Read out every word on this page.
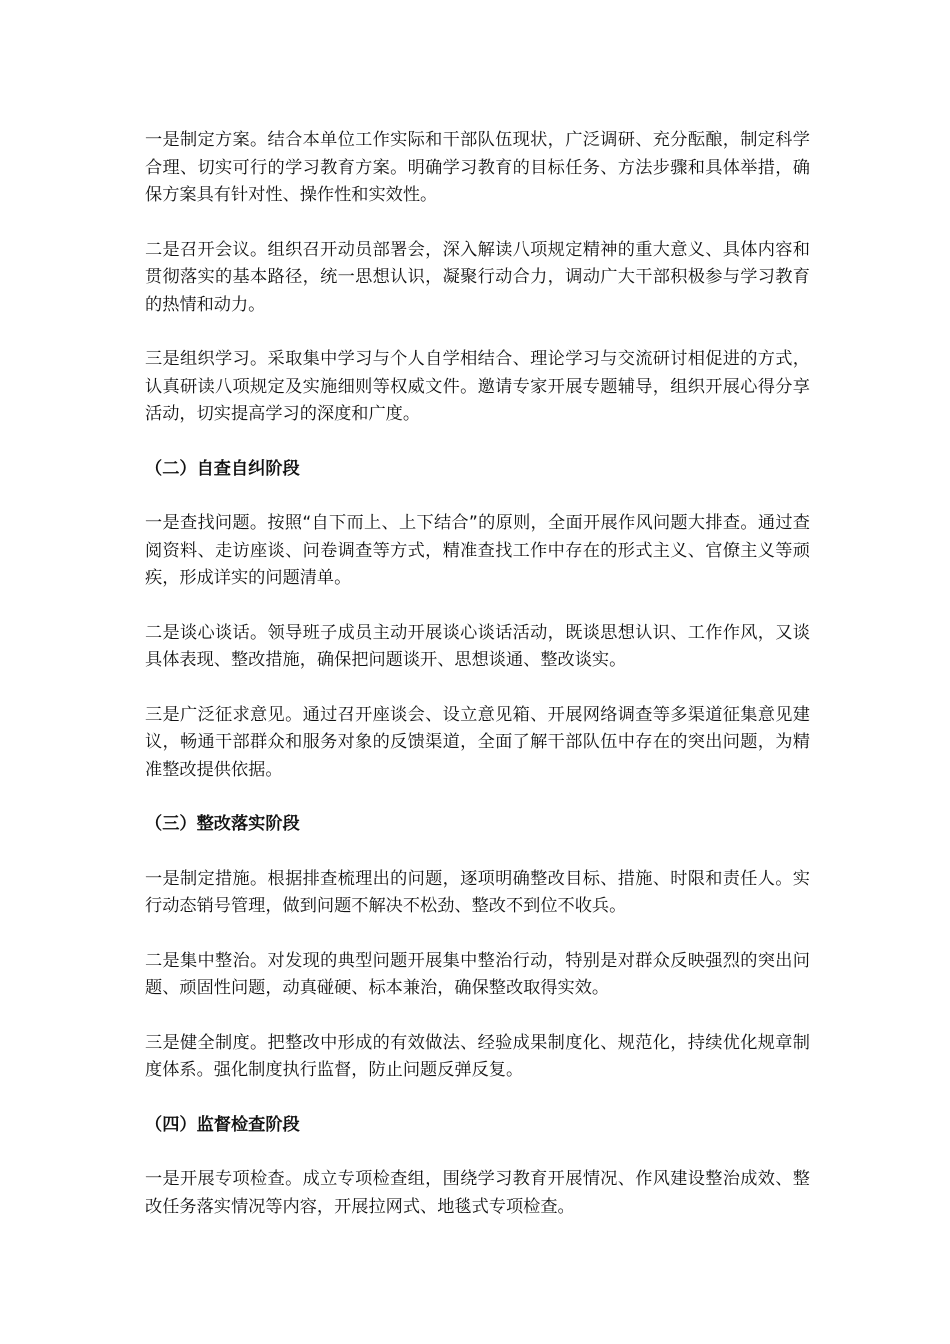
一是制定方案。结合本单位工作实际和干部队伍现状，广泛调研、充分酝酿，制定科学合理、切实可行的学习教育方案。明确学习教育的目标任务、方法步骤和具体举措，确保方案具有针对性、操作性和实效性。

二是召开会议。组织召开动员部署会，深入解读八项规定精神的重大意义、具体内容和贯彻落实的基本路径，统一思想认识，凝聚行动合力，调动广大干部积极参与学习教育的热情和动力。

三是组织学习。采取集中学习与个人自学相结合、理论学习与交流研讨相促进的方式，认真研读八项规定及实施细则等权威文件。邀请专家开展专题辅导，组织开展心得分享活动，切实提高学习的深度和广度。

（二）自查自纠阶段

一是查找问题。按照“自下而上、上下结合”的原则，全面开展作风问题大排查。通过查阅资料、走访座谈、问卷调查等方式，精准查找工作中存在的形式主义、官僚主义等顽疾，形成详实的问题清单。

二是谈心谈话。领导班子成员主动开展谈心谈话活动，既谈思想认识、工作作风，又谈具体表现、整改措施，确保把问题谈开、思想谈通、整改谈实。

三是广泛征求意见。通过召开座谈会、设立意见箱、开展网络调查等多渠道征集意见建议，畅通干部群众和服务对象的反馈渠道，全面了解干部队伍中存在的突出问题，为精准整改提供依据。

（三）整改落实阶段

一是制定措施。根据排查梳理出的问题，逐项明确整改目标、措施、时限和责任人。实行动态销号管理，做到问题不解决不松劲、整改不到位不收兵。

二是集中整治。对发现的典型问题开展集中整治行动，特别是对群众反映强烈的突出问题、顽固性问题，动真碰硬、标本兼治，确保整改取得实效。

三是健全制度。把整改中形成的有效做法、经验成果制度化、规范化，持续优化规章制度体系。强化制度执行监督，防止问题反弹反复。

（四）监督检查阶段

一是开展专项检查。成立专项检查组，围绕学习教育开展情况、作风建设整治成效、整改任务落实情况等内容，开展拉网式、地毯式专项检查。
